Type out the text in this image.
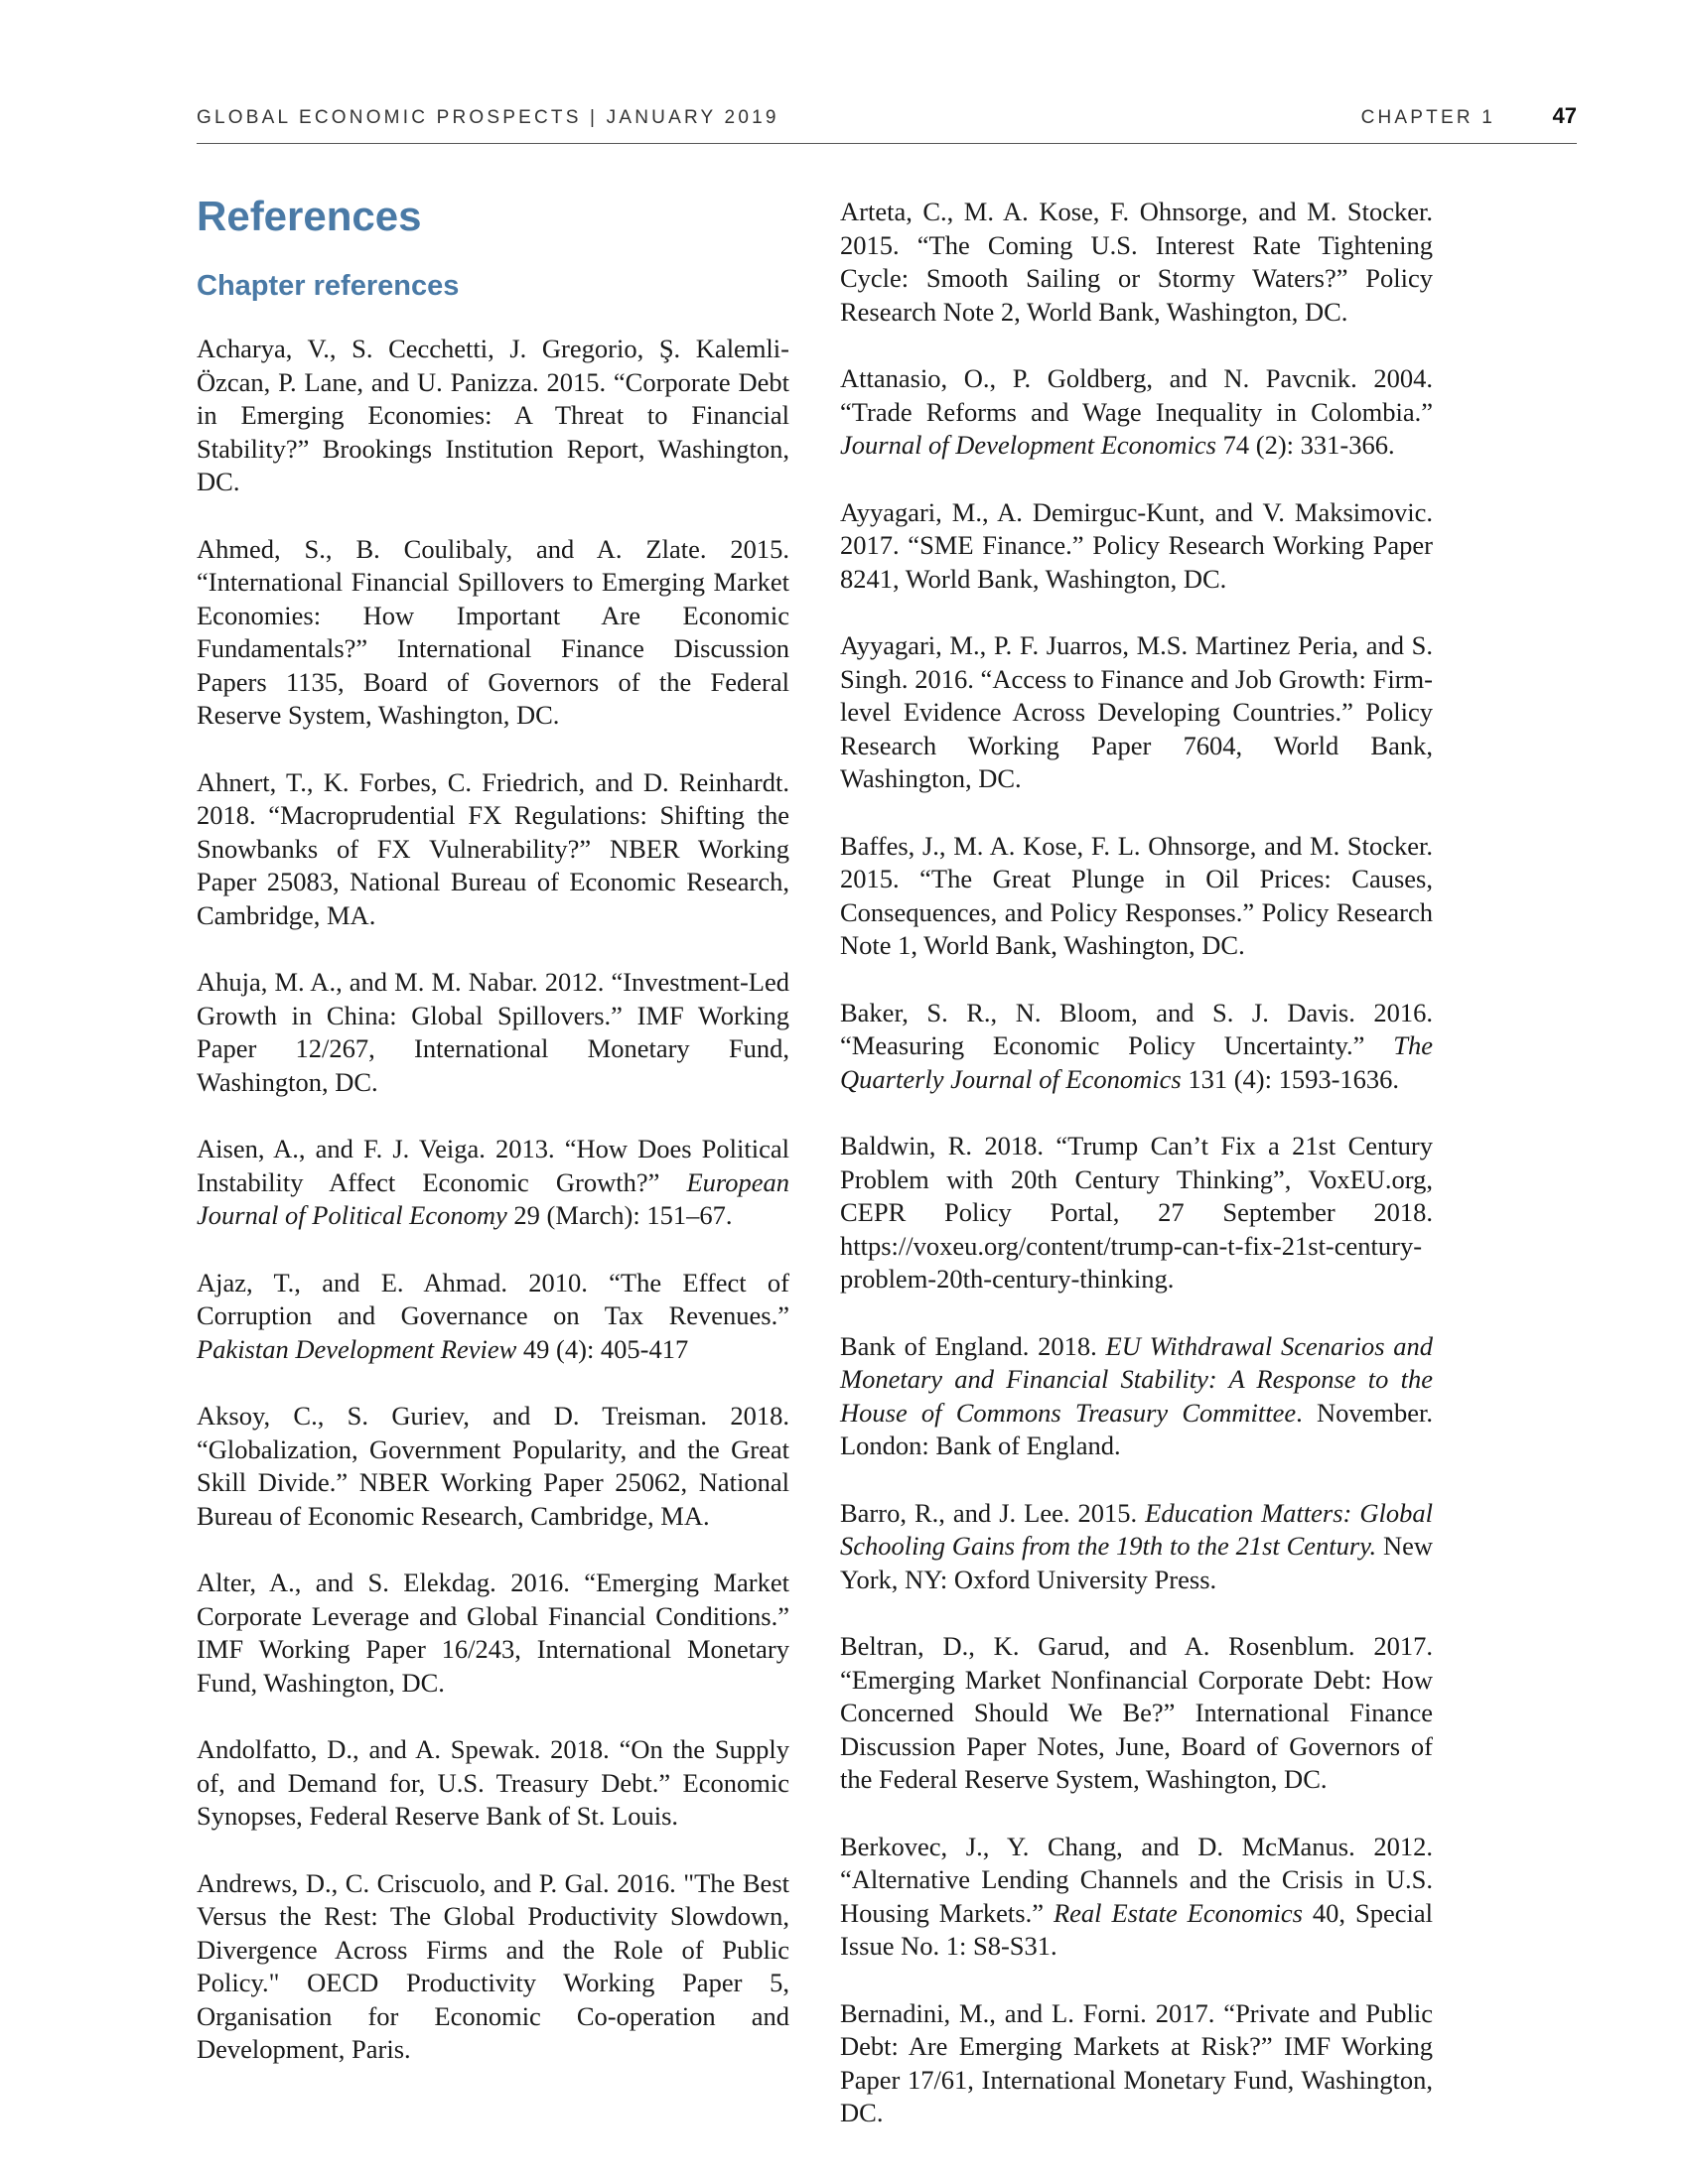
GLOBAL ECONOMIC PROSPECTS | JANUARY 2019	CHAPTER 1	47
References
Chapter references

Acharya, V., S. Cecchetti, J. Gregorio, Ş. Kalemli-Özcan, P. Lane, and U. Panizza. 2015. “Corporate Debt in Emerging Economies: A Threat to Financial Stability?” Brookings Institution Report, Washington, DC.

Ahmed, S., B. Coulibaly, and A. Zlate. 2015. “International Financial Spillovers to Emerging Market Economies: How Important Are Economic Fundamentals?” International Finance Discussion Papers 1135, Board of Governors of the Federal Reserve System, Washington, DC.

Ahnert, T., K. Forbes, C. Friedrich, and D. Reinhardt. 2018. “Macroprudential FX Regulations: Shifting the Snowbanks of FX Vulnerability?” NBER Working Paper 25083, National Bureau of Economic Research, Cambridge, MA.

Ahuja, M. A., and M. M. Nabar. 2012. “Investment-Led Growth in China: Global Spillovers.” IMF Working Paper 12/267, International Monetary Fund, Washington, DC.

Aisen, A., and F. J. Veiga. 2013. “How Does Political Instability Affect Economic Growth?” European Journal of Political Economy 29 (March): 151–67.

Ajaz, T., and E. Ahmad. 2010. “The Effect of Corruption and Governance on Tax Revenues.” Pakistan Development Review 49 (4): 405-417

Aksoy, C., S. Guriev, and D. Treisman. 2018. “Globalization, Government Popularity, and the Great Skill Divide.” NBER Working Paper 25062, National Bureau of Economic Research, Cambridge, MA.

Alter, A., and S. Elekdag. 2016. “Emerging Market Corporate Leverage and Global Financial Conditions.” IMF Working Paper 16/243, International Monetary Fund, Washington, DC.

Andolfatto, D., and A. Spewak. 2018. “On the Supply of, and Demand for, U.S. Treasury Debt.” Economic Synopses, Federal Reserve Bank of St. Louis.

Andrews, D., C. Criscuolo, and P. Gal. 2016. "The Best Versus the Rest: The Global Productivity Slowdown, Divergence Across Firms and the Role of Public Policy." OECD Productivity Working Paper 5, Organisation for Economic Co-operation and Development, Paris.

Arteta, C., M. A. Kose, F. Ohnsorge, and M. Stocker. 2015. “The Coming U.S. Interest Rate Tightening Cycle: Smooth Sailing or Stormy Waters?” Policy Research Note 2, World Bank, Washington, DC.

Attanasio, O., P. Goldberg, and N. Pavcnik. 2004. “Trade Reforms and Wage Inequality in Colombia.” Journal of Development Economics 74 (2): 331-366.

Ayyagari, M., A. Demirguc-Kunt, and V. Maksimovic. 2017. “SME Finance.” Policy Research Working Paper 8241, World Bank, Washington, DC.

Ayyagari, M., P. F. Juarros, M.S. Martinez Peria, and S. Singh. 2016. “Access to Finance and Job Growth: Firm-level Evidence Across Developing Countries.” Policy Research Working Paper 7604, World Bank, Washington, DC.

Baffes, J., M. A. Kose, F. L. Ohnsorge, and M. Stocker. 2015. “The Great Plunge in Oil Prices: Causes, Consequences, and Policy Responses.” Policy Research Note 1, World Bank, Washington, DC.

Baker, S. R., N. Bloom, and S. J. Davis. 2016. “Measuring Economic Policy Uncertainty.” The Quarterly Journal of Economics 131 (4): 1593-1636.

Baldwin, R. 2018. “Trump Can’t Fix a 21st Century Problem with 20th Century Thinking”, VoxEU.org, CEPR Policy Portal, 27 September 2018. https://voxeu.org/content/trump-can-t-fix-21st-century-problem-20th-century-thinking.

Bank of England. 2018. EU Withdrawal Scenarios and Monetary and Financial Stability: A Response to the House of Commons Treasury Committee. November. London: Bank of England.

Barro, R., and J. Lee. 2015. Education Matters: Global Schooling Gains from the 19th to the 21st Century. New York, NY: Oxford University Press.

Beltran, D., K. Garud, and A. Rosenblum. 2017. “Emerging Market Nonfinancial Corporate Debt: How Concerned Should We Be?” International Finance Discussion Paper Notes, June, Board of Governors of the Federal Reserve System, Washington, DC.

Berkovec, J., Y. Chang, and D. McManus. 2012. “Alternative Lending Channels and the Crisis in U.S. Housing Markets.” Real Estate Economics 40, Special Issue No. 1: S8-S31.

Bernadini, M., and L. Forni. 2017. “Private and Public Debt: Are Emerging Markets at Risk?” IMF Working Paper 17/61, International Monetary Fund, Washington, DC.
